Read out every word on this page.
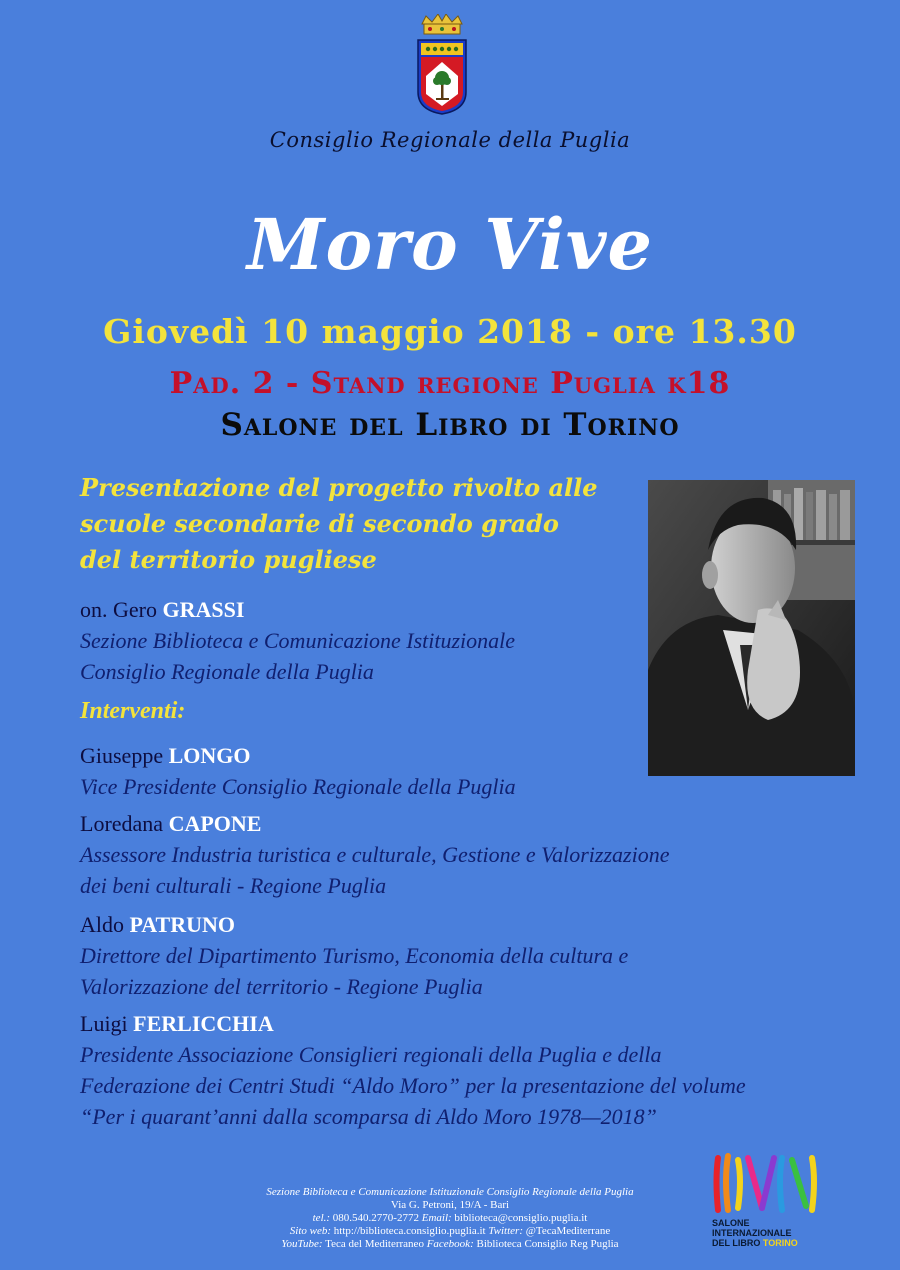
Consiglio Regionale della Puglia
Moro Vive
Giovedì 10 maggio 2018 - ore 13.30
Pad. 2 - Stand regione Puglia k18
Salone del Libro di Torino
Presentazione del progetto rivolto alle
scuole secondarie di secondo grado
del territorio pugliese
on. Gero GRASSI
Sezione Biblioteca e Comunicazione Istituzionale
Consiglio Regionale della Puglia
Interventi:
Giuseppe LONGO
Vice Presidente Consiglio Regionale della Puglia
Loredana CAPONE
Assessore Industria turistica e culturale, Gestione e Valorizzazione
dei beni culturali - Regione Puglia
Aldo PATRUNO
Direttore del Dipartimento Turismo, Economia della cultura e
Valorizzazione del territorio - Regione Puglia
Luigi FERLICCHIA
Presidente Associazione Consiglieri regionali della Puglia e della
Federazione dei Centri Studi “Aldo Moro” per la presentazione del volume
“Per i quarant’anni dalla scomparsa di Aldo Moro 1978—2018”
Sezione Biblioteca e Comunicazione Istituzionale Consiglio Regionale della Puglia
Via G. Petroni, 19/A - Bari
tel.: 080.540.2770-2772 Email: biblioteca@consiglio.puglia.it
Sito web: http://biblioteca.consiglio.puglia.it Twitter: @TecaMediterrane
YouTube: Teca del Mediterraneo Facebook: Biblioteca Consiglio Reg Puglia
SALONE
INTERNAZIONALE
DEL LIBRO TORINO
